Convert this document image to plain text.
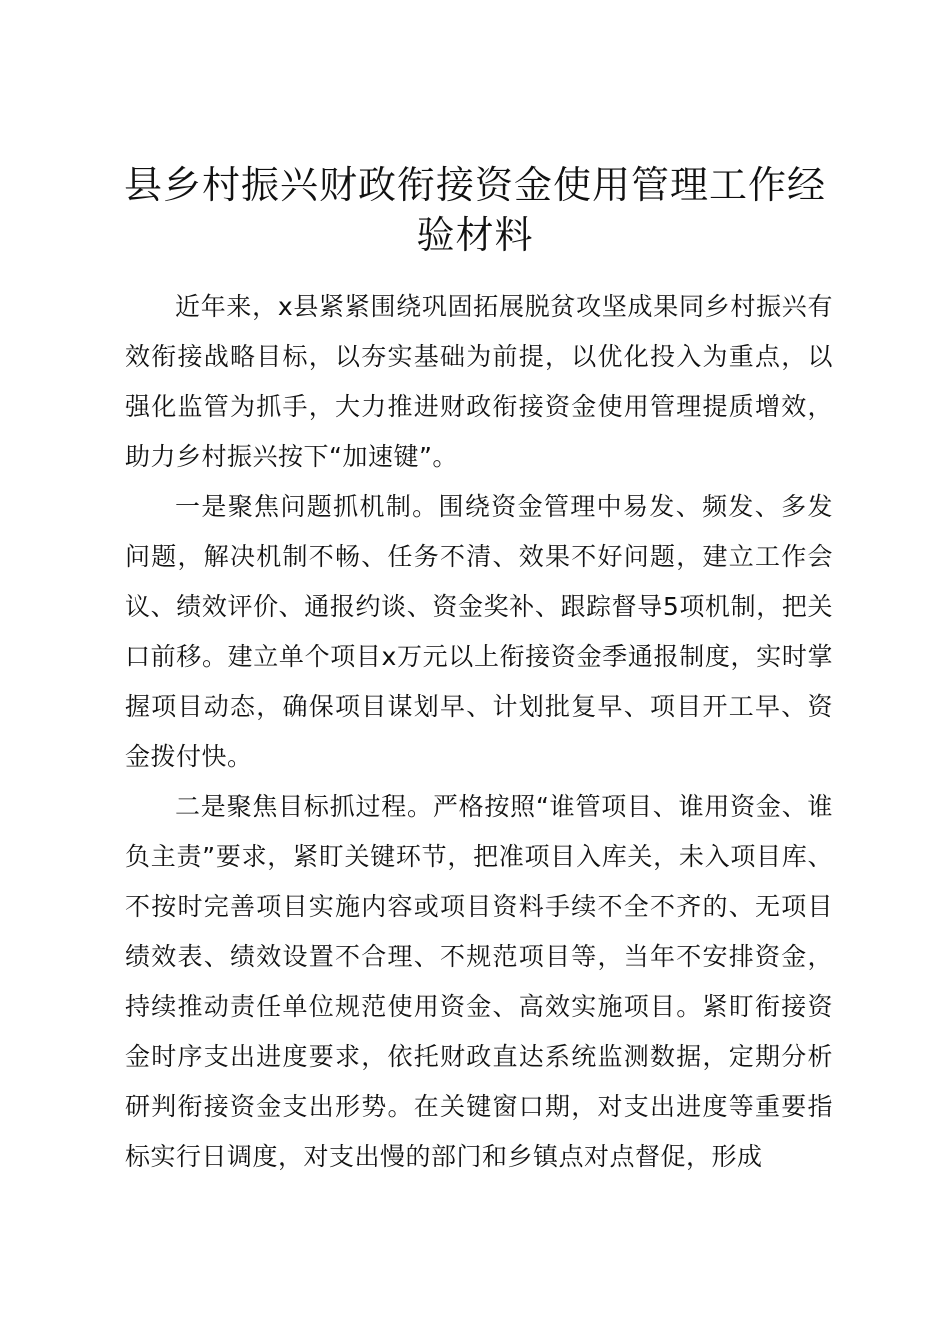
县乡村振兴财政衔接资金使用管理工作经验材料

近年来，x县紧紧围绕巩固拓展脱贫攻坚成果同乡村振兴有效衔接战略目标，以夯实基础为前提，以优化投入为重点，以强化监管为抓手，大力推进财政衔接资金使用管理提质增效，助力乡村振兴按下“加速键”。

一是聚焦问题抓机制。围绕资金管理中易发、频发、多发问题，解决机制不畅、任务不清、效果不好问题，建立工作会议、绩效评价、通报约谈、资金奖补、跟踪督导5项机制，把关口前移。建立单个项目x万元以上衔接资金季通报制度，实时掌握项目动态，确保项目谋划早、计划批复早、项目开工早、资金拨付快。

二是聚焦目标抓过程。严格按照“谁管项目、谁用资金、谁负主责”要求，紧盯关键环节，把准项目入库关，未入项目库、不按时完善项目实施内容或项目资料手续不全不齐的、无项目绩效表、绩效设置不合理、不规范项目等，当年不安排资金，持续推动责任单位规范使用资金、高效实施项目。紧盯衔接资金时序支出进度要求，依托财政直达系统监测数据，定期分析研判衔接资金支出形势。在关键窗口期，对支出进度等重要指标实行日调度，对支出慢的部门和乡镇点对点督促，形成
